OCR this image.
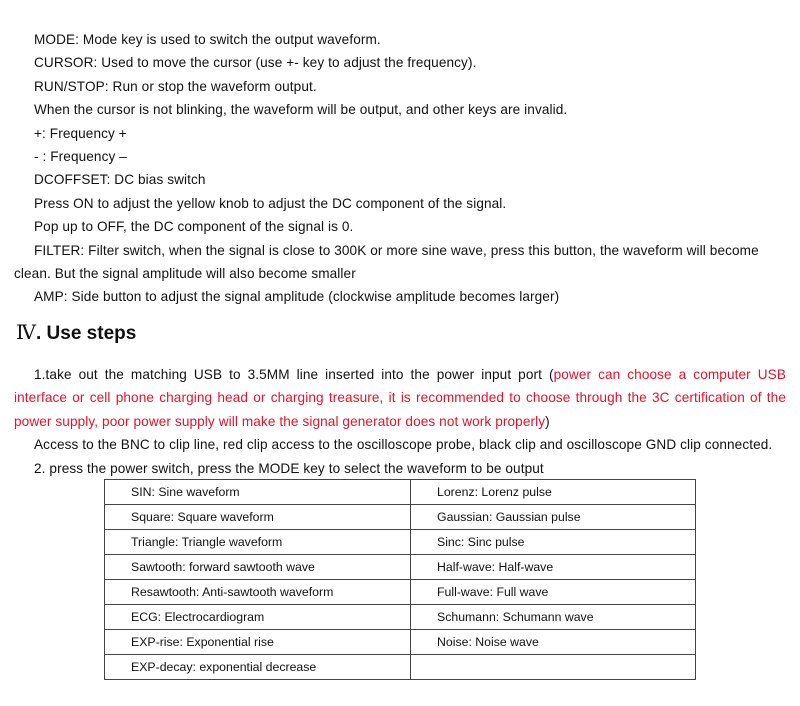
MODE: Mode key is used to switch the output waveform.
CURSOR: Used to move the cursor (use +- key to adjust the frequency).
RUN/STOP: Run or stop the waveform output.
When the cursor is not blinking, the waveform will be output, and other keys are invalid.
+: Frequency +
- : Frequency –
DCOFFSET: DC bias switch
Press ON to adjust the yellow knob to adjust the DC component of the signal.
Pop up to OFF, the DC component of the signal is 0.
FILTER: Filter switch, when the signal is close to 300K or more sine wave, press this button, the waveform will become
clean. But the signal amplitude will also become smaller
AMP: Side button to adjust the signal amplitude (clockwise amplitude becomes larger)
Ⅳ. Use steps
1.take out the matching USB to 3.5MM line inserted into the power input port (power can choose a computer USB
interface or cell phone charging head or charging treasure, it is recommended to choose through the 3C certification of the
power supply, poor power supply will make the signal generator does not work properly)
Access to the BNC to clip line, red clip access to the oscilloscope probe, black clip and oscilloscope GND clip connected.
2. press the power switch, press the MODE key to select the waveform to be output
SIN: Sine waveform	Lorenz: Lorenz pulse
Square: Square waveform	Gaussian: Gaussian pulse
Triangle: Triangle waveform	Sinc: Sinc pulse
Sawtooth: forward sawtooth wave	Half-wave: Half-wave
Resawtooth: Anti-sawtooth waveform	Full-wave: Full wave
ECG: Electrocardiogram	Schumann: Schumann wave
EXP-rise: Exponential rise	Noise: Noise wave
EXP-decay: exponential decrease	
